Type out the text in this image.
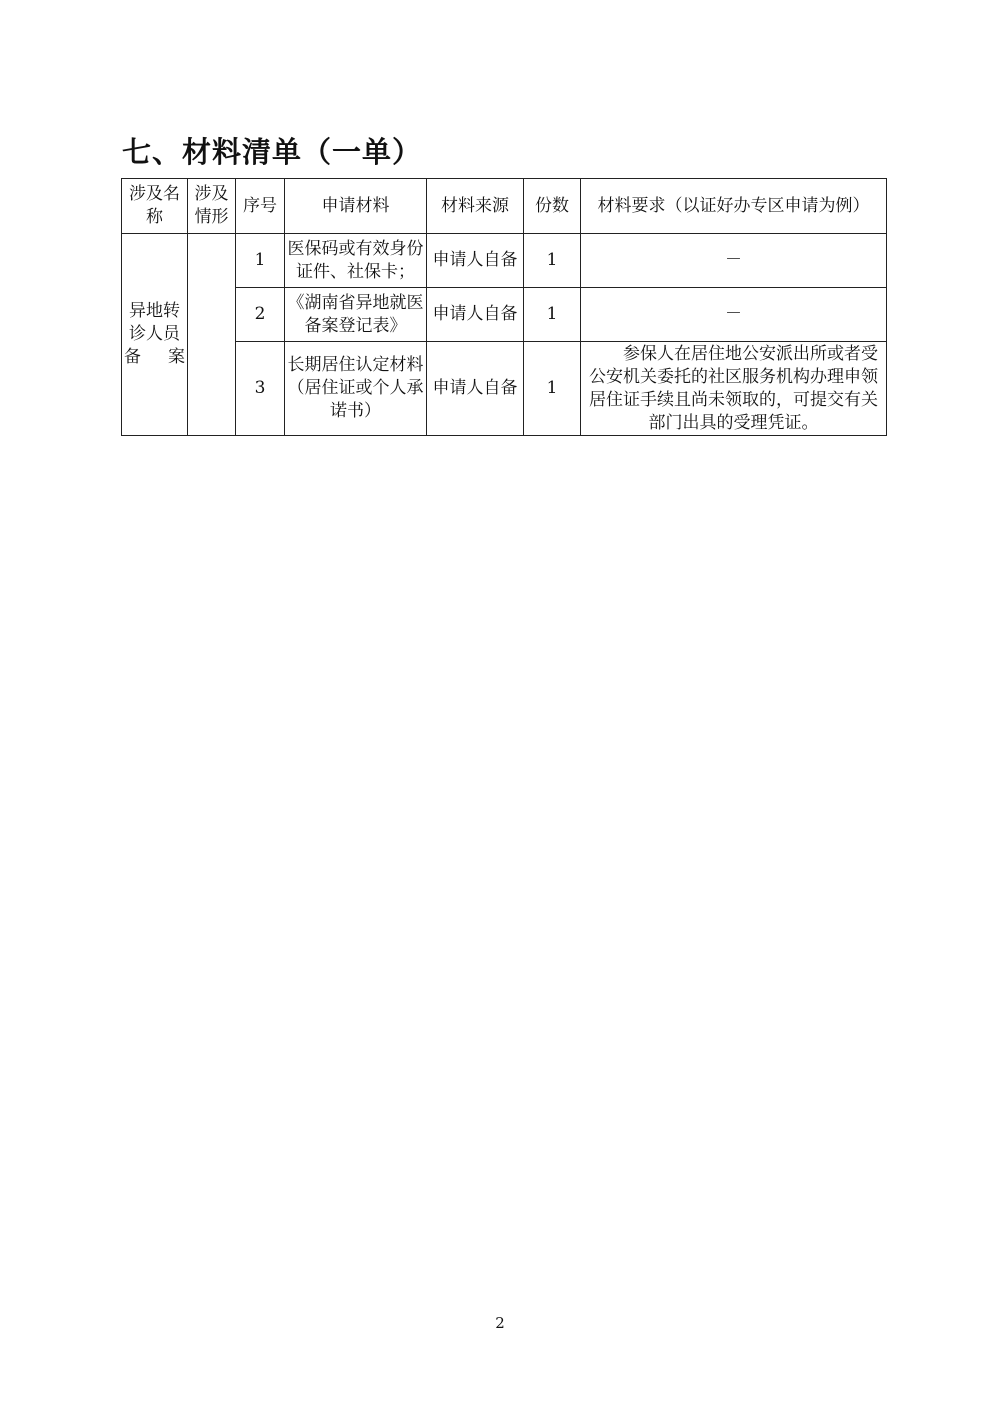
七、材料清单（一单）
涉及名称	涉及情形	序号	申请材料	材料来源	份数	材料要求（以证好办专区申请为例）
异地转诊人员备案		1	医保码或有效身份证件、社保卡；	申请人自备	1	－
		2	《湖南省异地就医备案登记表》	申请人自备	1	－
		3	长期居住认定材料（居住证或个人承诺书）	申请人自备	1	参保人在居住地公安派出所或者受公安机关委托的社区服务机构办理申领居住证手续且尚未领取的，可提交有关部门出具的受理凭证。
2
